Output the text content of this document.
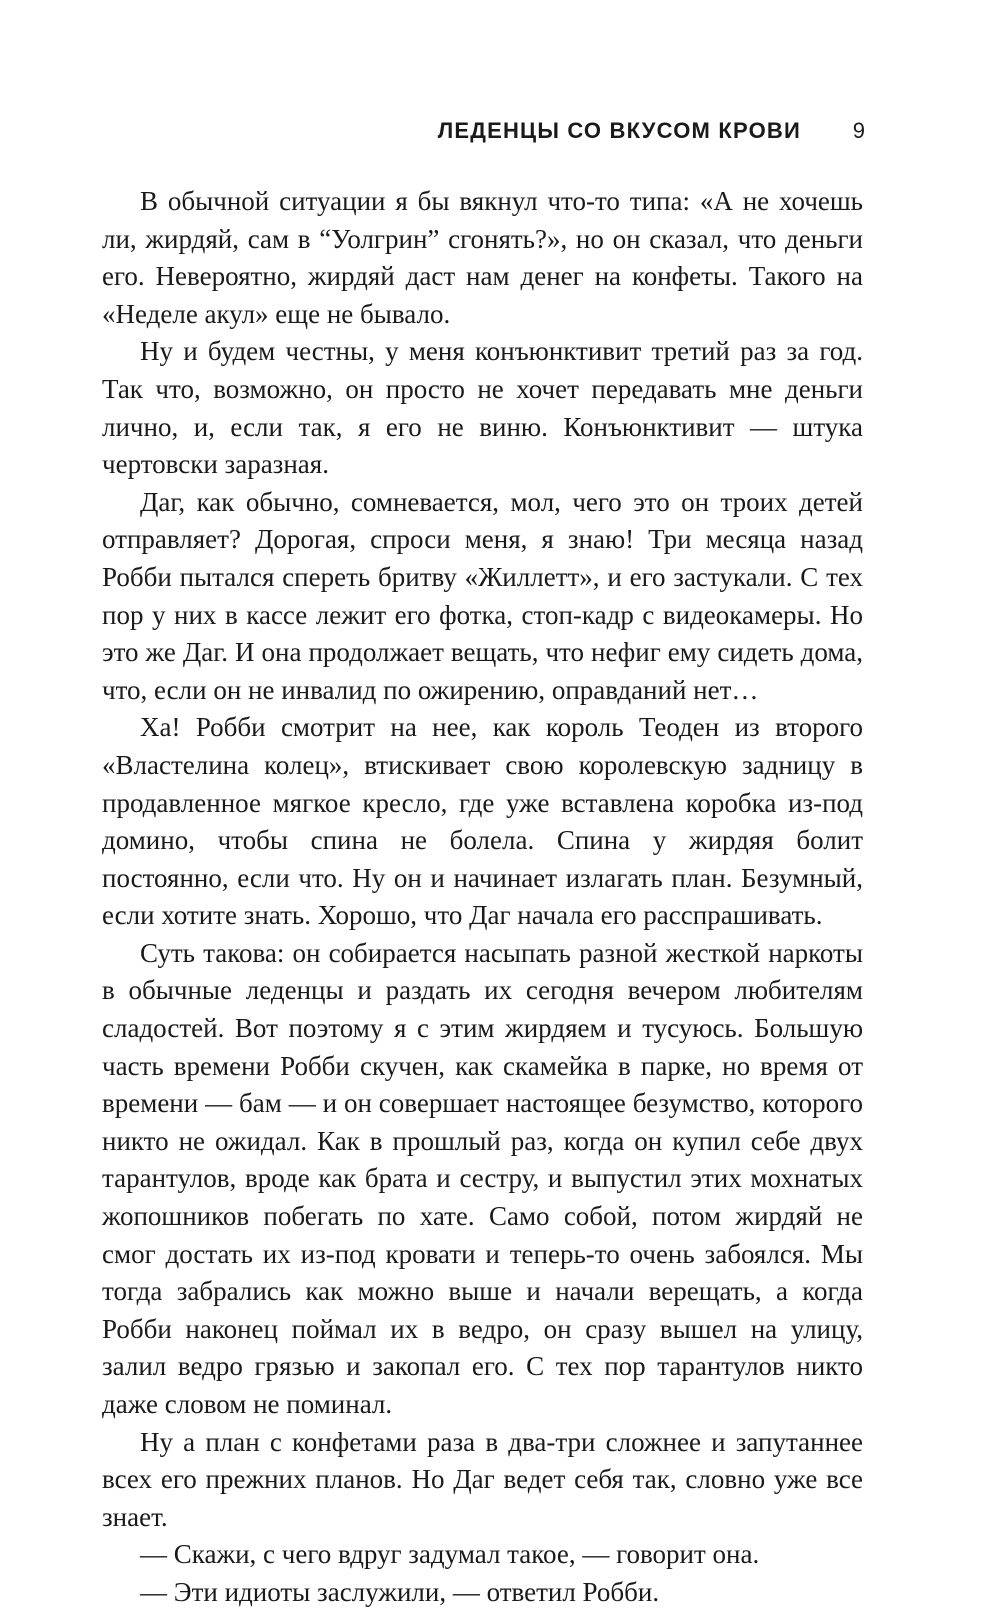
ЛЕДЕНЦЫ СО ВКУСОМ КРОВИ 9

В обычной ситуации я бы вякнул что-то типа: «А не хочешь ли, жирдяй, сам в “Уолгрин” сгонять?», но он сказал, что деньги его. Невероятно, жирдяй даст нам денег на конфеты. Такого на «Неделе акул» еще не бывало.

Ну и будем честны, у меня конъюнктивит третий раз за год. Так что, возможно, он просто не хочет передавать мне деньги лично, и, если так, я его не виню. Конъюнктивит — штука чертовски заразная.

Даг, как обычно, сомневается, мол, чего это он троих детей отправляет? Дорогая, спроси меня, я знаю! Три месяца назад Робби пытался спереть бритву «Жиллетт», и его застукали. С тех пор у них в кассе лежит его фотка, стоп-кадр с видеокамеры. Но это же Даг. И она продолжает вещать, что нефиг ему сидеть дома, что, если он не инвалид по ожирению, оправданий нет…

Ха! Робби смотрит на нее, как король Теоден из второго «Властелина колец», втискивает свою королевскую задницу в продавленное мягкое кресло, где уже вставлена коробка из-под домино, чтобы спина не болела. Спина у жирдяя болит постоянно, если что. Ну он и начинает излагать план. Безумный, если хотите знать. Хорошо, что Даг начала его расспрашивать.

Суть такова: он собирается насыпать разной жесткой наркоты в обычные леденцы и раздать их сегодня вечером любителям сладостей. Вот поэтому я с этим жирдяем и тусуюсь. Большую часть времени Робби скучен, как скамейка в парке, но время от времени — бам — и он совершает настоящее безумство, которого никто не ожидал. Как в прошлый раз, когда он купил себе двух тарантулов, вроде как брата и сестру, и выпустил этих мохнатых жопошников побегать по хате. Само собой, потом жирдяй не смог достать их из-под кровати и теперь-то очень забоялся. Мы тогда забрались как можно выше и начали верещать, а когда Робби наконец поймал их в ведро, он сразу вышел на улицу, залил ведро грязью и закопал его. С тех пор тарантулов никто даже словом не поминал.

Ну а план с конфетами раза в два-три сложнее и запутаннее всех его прежних планов. Но Даг ведет себя так, словно уже все знает.

— Скажи, с чего вдруг задумал такое, — говорит она.

— Эти идиоты заслужили, — ответил Робби.
